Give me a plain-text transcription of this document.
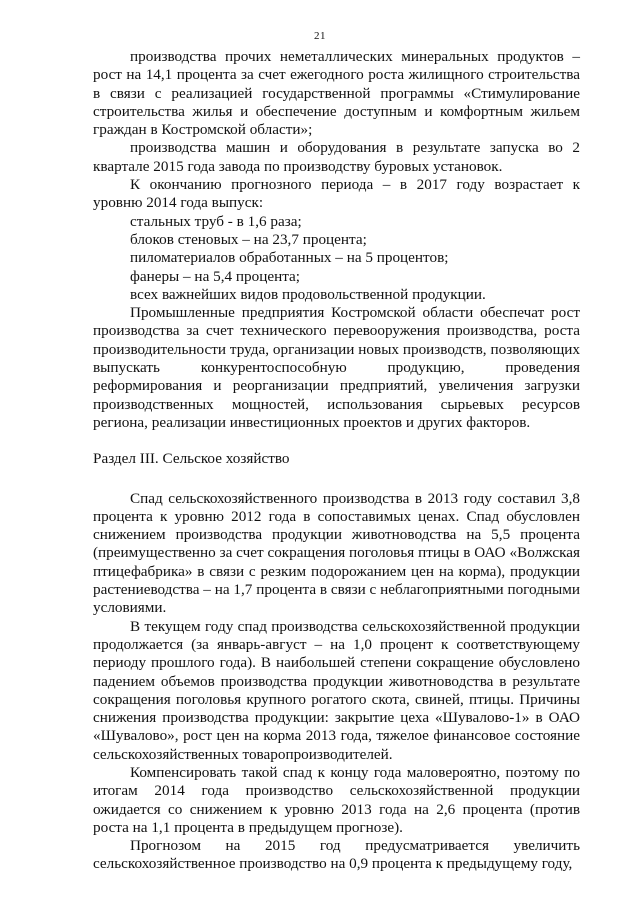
21

производства прочих неметаллических минеральных продуктов – рост на 14,1 процента за счет ежегодного роста жилищного строительства в связи с реализацией государственной программы «Стимулирование строительства жилья и обеспечение доступным и комфортным жильем граждан в Костромской области»;

производства машин и оборудования в результате запуска во 2 квартале 2015 года завода по производству буровых установок.

К окончанию прогнозного периода – в 2017 году возрастает к уровню 2014 года выпуск:

стальных труб - в 1,6 раза;

блоков стеновых – на 23,7 процента;

пиломатериалов обработанных – на 5 процентов;

фанеры – на 5,4 процента;

всех важнейших видов продовольственной продукции.

Промышленные предприятия Костромской области обеспечат рост производства за счет технического перевооружения производства, роста производительности труда, организации новых производств, позволяющих выпускать конкурентоспособную продукцию, проведения реформирования и реорганизации предприятий, увеличения загрузки производственных мощностей, использования сырьевых ресурсов региона, реализации инвестиционных проектов и других факторов.

Раздел III. Сельское хозяйство

Спад сельскохозяйственного производства в 2013 году составил 3,8 процента к уровню 2012 года в сопоставимых ценах. Спад обусловлен снижением производства продукции животноводства на 5,5 процента (преимущественно за счет сокращения поголовья птицы в ОАО «Волжская птицефабрика» в связи с резким подорожанием цен на корма), продукции растениеводства – на 1,7 процента в связи с неблагоприятными погодными условиями.

В текущем году спад производства сельскохозяйственной продукции продолжается (за январь-август – на 1,0 процент к соответствующему периоду прошлого года). В наибольшей степени сокращение обусловлено падением объемов производства продукции животноводства в результате сокращения поголовья крупного рогатого скота, свиней, птицы. Причины снижения производства продукции: закрытие цеха «Шувалово-1» в ОАО «Шувалово», рост цен на корма 2013 года, тяжелое финансовое состояние сельскохозяйственных товаропроизводителей.

Компенсировать такой спад к концу года маловероятно, поэтому по итогам 2014 года производство сельскохозяйственной продукции ожидается со снижением к уровню 2013 года на 2,6 процента (против роста на 1,1 процента в предыдущем прогнозе).

Прогнозом на 2015 год предусматривается увеличить сельскохозяйственное производство на 0,9 процента к предыдущему году,
